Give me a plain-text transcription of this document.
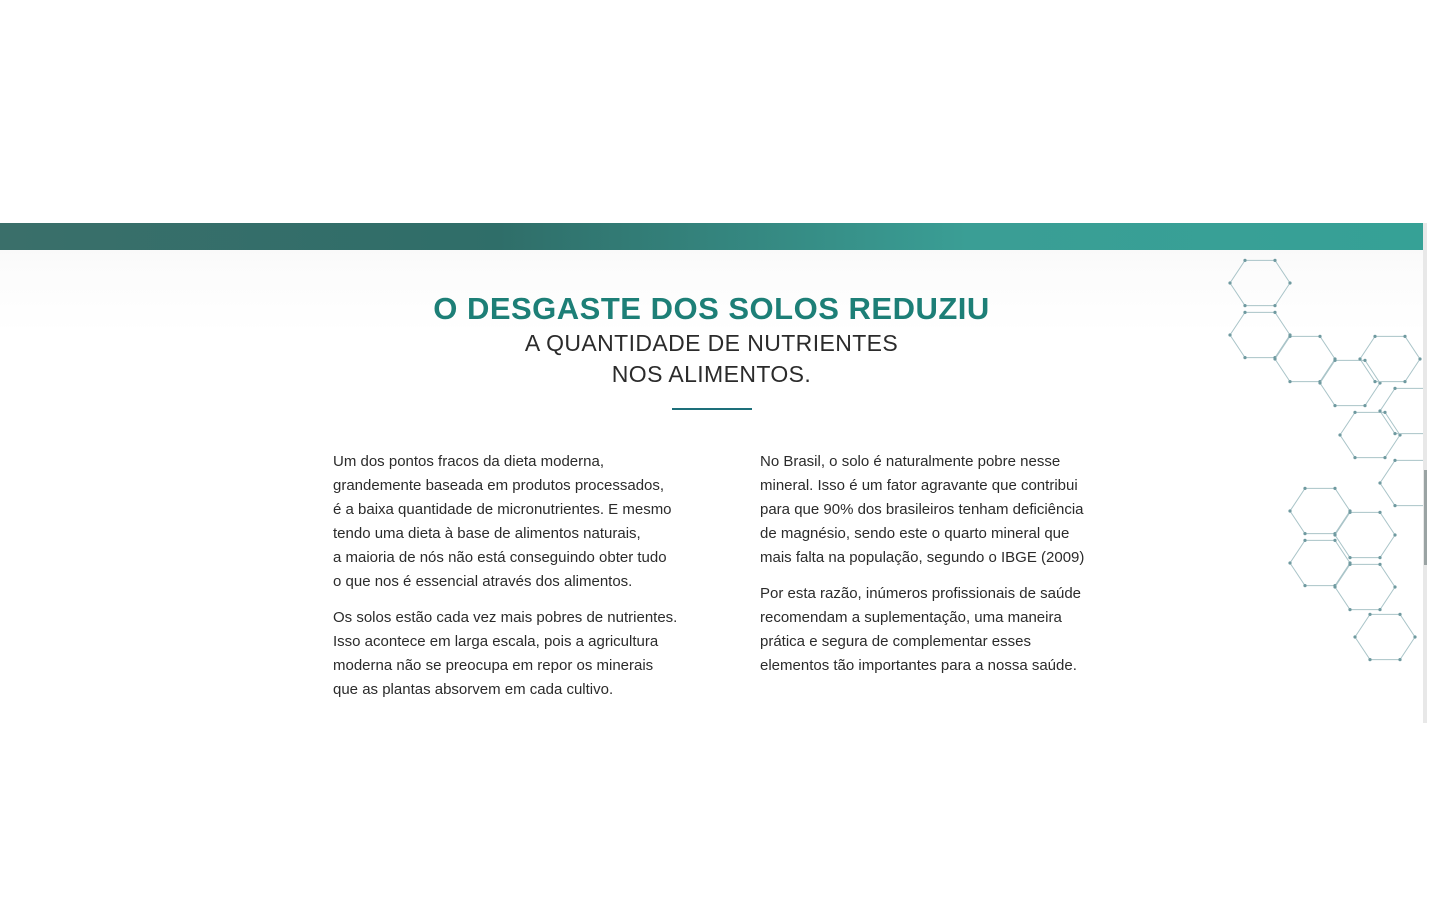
O DESGASTE DOS SOLOS REDUZIU
A QUANTIDADE DE NUTRIENTES
NOS ALIMENTOS.

Um dos pontos fracos da dieta moderna,
grandemente baseada em produtos processados,
é a baixa quantidade de micronutrientes. E mesmo
tendo uma dieta à base de alimentos naturais,
a maioria de nós não está conseguindo obter tudo
o que nos é essencial através dos alimentos.

Os solos estão cada vez mais pobres de nutrientes.
Isso acontece em larga escala, pois a agricultura
moderna não se preocupa em repor os minerais
que as plantas absorvem em cada cultivo.

No Brasil, o solo é naturalmente pobre nesse
mineral. Isso é um fator agravante que contribui
para que 90% dos brasileiros tenham deficiência
de magnésio, sendo este o quarto mineral que
mais falta na população, segundo o IBGE (2009)

Por esta razão, inúmeros profissionais de saúde
recomendam a suplementação, uma maneira
prática e segura de complementar esses
elementos tão importantes para a nossa saúde.
